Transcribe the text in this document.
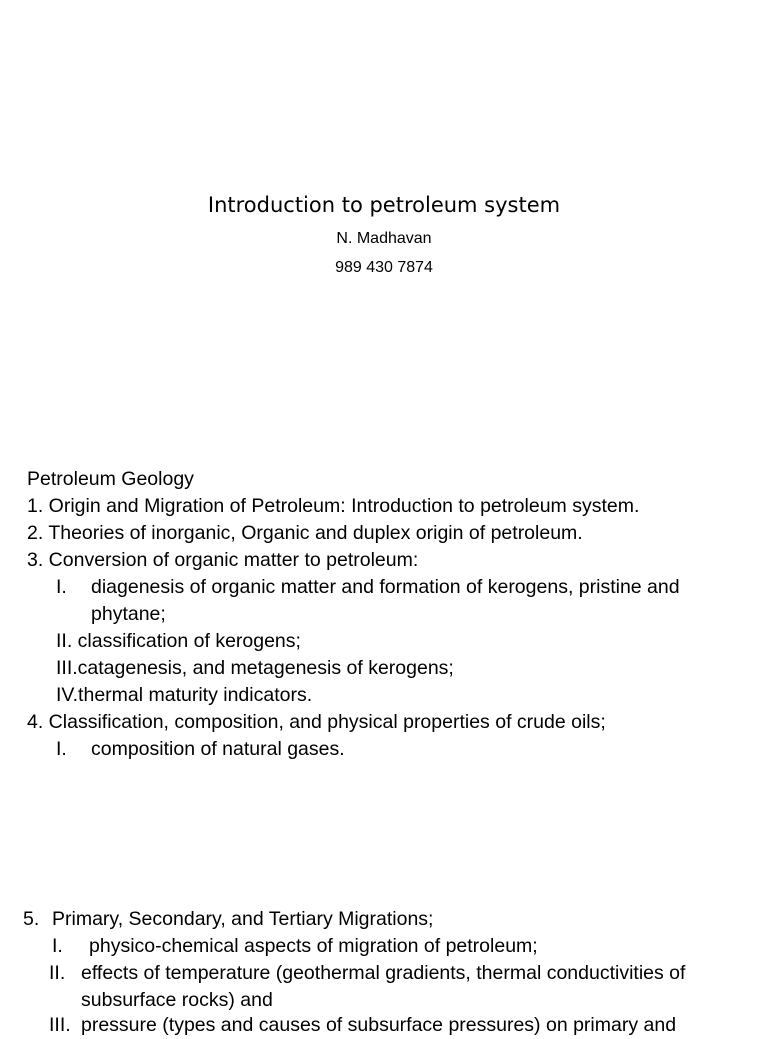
Introduction to petroleum system
N. Madhavan
989 430 7874
Petroleum Geology
1. Origin and Migration of Petroleum: Introduction to petroleum system.
2. Theories of inorganic, Organic and duplex origin of petroleum.
3. Conversion of organic matter to petroleum:
I. diagenesis of organic matter and formation of kerogens, pristine and
phytane;
II. classification of kerogens;
III.catagenesis, and metagenesis of kerogens;
IV.thermal maturity indicators.
4. Classification, composition, and physical properties of crude oils;
I. composition of natural gases.
5. Primary, Secondary, and Tertiary Migrations;
I. physico-chemical aspects of migration of petroleum;
II. effects of temperature (geothermal gradients, thermal conductivities of
subsurface rocks) and
III. pressure (types and causes of subsurface pressures) on primary and
